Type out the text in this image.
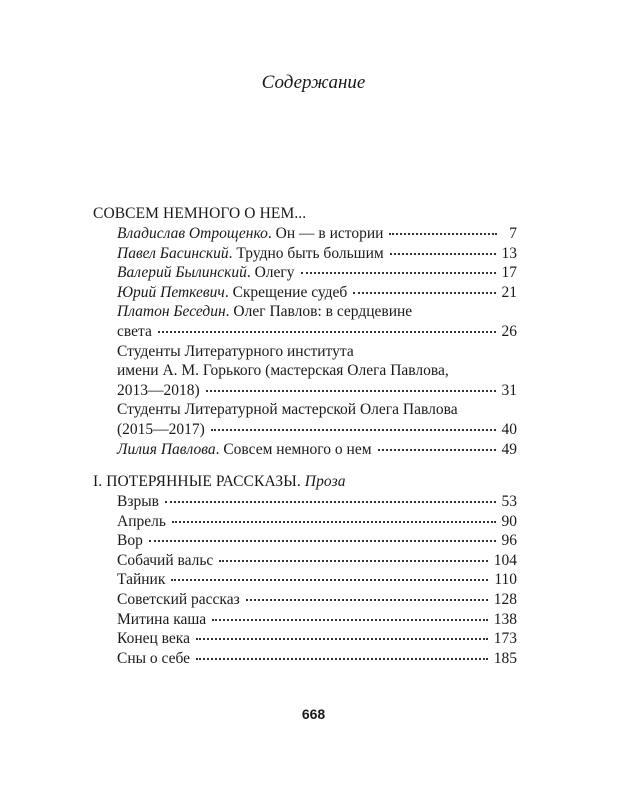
Содержание
СОВСЕМ НЕМНОГО О НЕМ...
Владислав Отрощенко. Он — в истории	7
Павел Басинский. Трудно быть большим	13
Валерий Былинский. Олегу	17
Юрий Петкевич. Скрещение судеб	21
Платон Беседин. Олег Павлов: в сердцевине
света	26
Студенты Литературного института
имени А. М. Горького (мастерская Олега Павлова,
2013—2018)	31
Студенты Литературной мастерской Олега Павлова
(2015—2017)	40
Лилия Павлова. Совсем немного о нем	49
I. ПОТЕРЯННЫЕ РАССКАЗЫ. Проза
Взрыв	53
Апрель	90
Вор	96
Собачий вальс	104
Тайник	110
Советский рассказ	128
Митина каша	138
Конец века	173
Сны о себе	185
668
